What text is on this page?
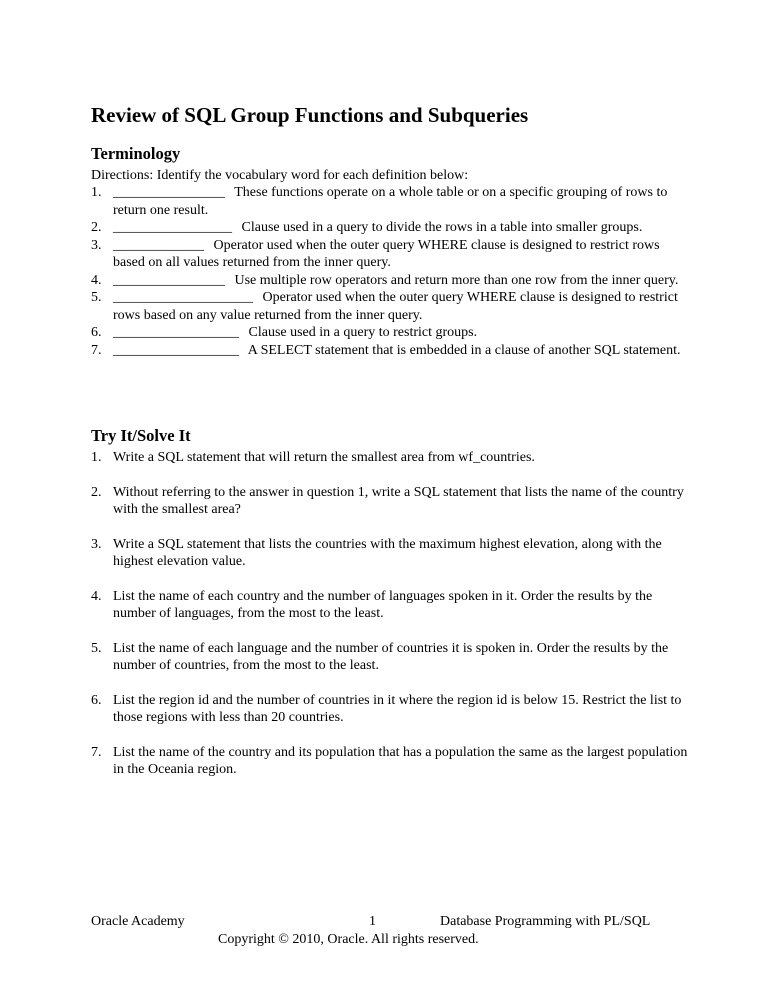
Review of SQL Group Functions and Subqueries
Terminology

Directions: Identify the vocabulary word for each definition below:

1. ________________ These functions operate on a whole table or on a specific grouping of rows to return one result.
2. _________________ Clause used in a query to divide the rows in a table into smaller groups.
3. _____________ Operator used when the outer query WHERE clause is designed to restrict rows based on all values returned from the inner query.
4. ________________ Use multiple row operators and return more than one row from the inner query.
5. ____________________ Operator used when the outer query WHERE clause is designed to restrict rows based on any value returned from the inner query.
6. __________________ Clause used in a query to restrict groups.
7. __________________ A SELECT statement that is embedded in a clause of another SQL statement.
Try It/Solve It
1. Write a SQL statement that will return the smallest area from wf_countries.
2. Without referring to the answer in question 1, write a SQL statement that lists the name of the country with the smallest area?
3. Write a SQL statement that lists the countries with the maximum highest elevation, along with the highest elevation value.
4. List the name of each country and the number of languages spoken in it. Order the results by the number of languages, from the most to the least.
5. List the name of each language and the number of countries it is spoken in. Order the results by the number of countries, from the most to the least.
6. List the region id and the number of countries in it where the region id is below 15. Restrict the list to those regions with less than 20 countries.
7. List the name of the country and its population that has a population the same as the largest population in the Oceania region.
Oracle Academy	1	Database Programming with PL/SQL
Copyright © 2010, Oracle. All rights reserved.
